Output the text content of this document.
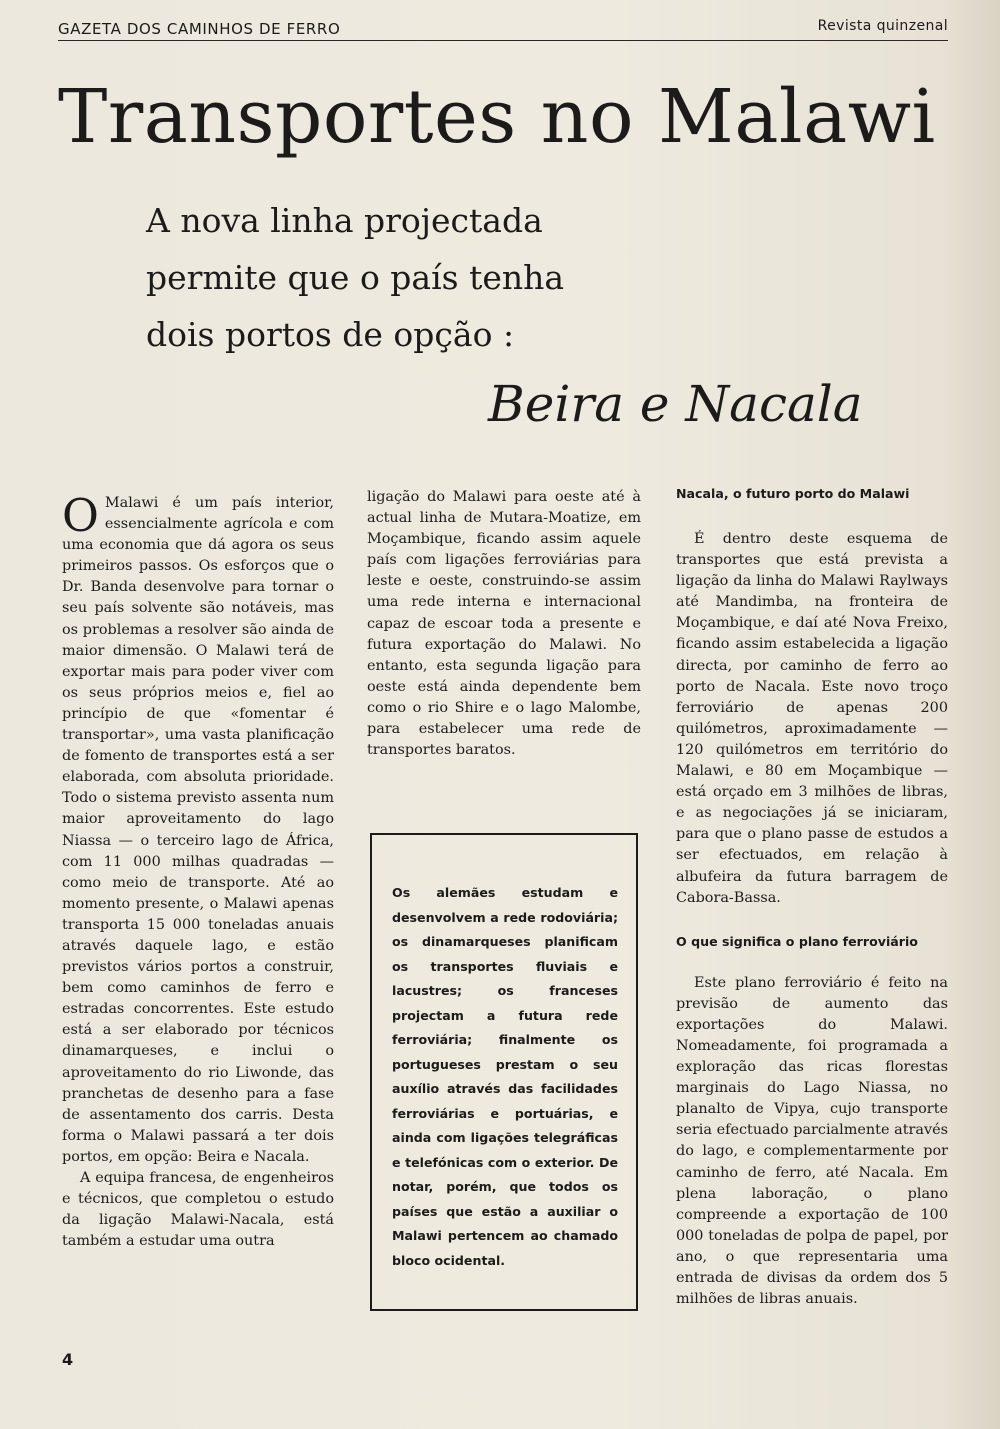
GAZETA DOS CAMINHOS DE FERRO	Revista quinzenal
Transportes no Malawi
A nova linha projectada
permite que o país tenha
dois portos de opção :
Beira e Nacala

O Malawi é um país interior, essencialmente agrícola e com uma economia que dá agora os seus primeiros passos. Os esforços que o Dr. Banda desenvolve para tornar o seu país solvente são notáveis, mas os problemas a resolver são ainda de maior dimensão. O Malawi terá de exportar mais para poder viver com os seus próprios meios e, fiel ao princípio de que «fomentar é transportar», uma vasta planificação de fomento de transportes está a ser elaborada, com absoluta prioridade. Todo o sistema previsto assenta num maior aproveitamento do lago Niassa — o terceiro lago de África, com 11 000 milhas quadradas — como meio de transporte. Até ao momento presente, o Malawi apenas transporta 15 000 toneladas anuais através daquele lago, e estão previstos vários portos a construir, bem como caminhos de ferro e estradas concorrentes. Este estudo está a ser elaborado por técnicos dinamarqueses, e inclui o aproveitamento do rio Liwonde, das pranchetas de desenho para a fase de assentamento dos carris. Desta forma o Malawi passará a ter dois portos, em opção: Beira e Nacala.

A equipa francesa, de engenheiros e técnicos, que completou o estudo da ligação Malawi-Nacala, está também a estudar uma outra

ligação do Malawi para oeste até à actual linha de Mutara-Moatize, em Moçambique, ficando assim aquele país com ligações ferroviárias para leste e oeste, construindo-se assim uma rede interna e internacional capaz de escoar toda a presente e futura exportação do Malawi. No entanto, esta segunda ligação para oeste está ainda dependente bem como o rio Shire e o lago Malombe, para estabelecer uma rede de transportes baratos.

Os alemães estudam e desenvolvem a rede rodoviária; os dinamarqueses planificam os transportes fluviais e lacustres; os franceses projectam a futura rede ferroviária; finalmente os portugueses prestam o seu auxílio através das facilidades ferroviárias e portuárias, e ainda com ligações telegráficas e telefónicas com o exterior. De notar, porém, que todos os países que estão a auxiliar o Malawi pertencem ao chamado bloco ocidental.

Nacala, o futuro porto do Malawi

É dentro deste esquema de transportes que está prevista a ligação da linha do Malawi Raylways até Mandimba, na fronteira de Moçambique, e daí até Nova Freixo, ficando assim estabelecida a ligação directa, por caminho de ferro ao porto de Nacala. Este novo troço ferroviário de apenas 200 quilómetros, aproximadamente — 120 quilómetros em território do Malawi, e 80 em Moçambique — está orçado em 3 milhões de libras, e as negociações já se iniciaram, para que o plano passe de estudos a ser efectuados, em relação à albufeira da futura barragem de Cabora-Bassa.

O que significa o plano ferroviário

Este plano ferroviário é feito na previsão de aumento das exportações do Malawi. Nomeadamente, foi programada a exploração das ricas florestas marginais do Lago Niassa, no planalto de Vipya, cujo transporte seria efectuado parcialmente através do lago, e complementarmente por caminho de ferro, até Nacala. Em plena laboração, o plano compreende a exportação de 100 000 toneladas de polpa de papel, por ano, o que representaria uma entrada de divisas da ordem dos 5 milhões de libras anuais.

4
